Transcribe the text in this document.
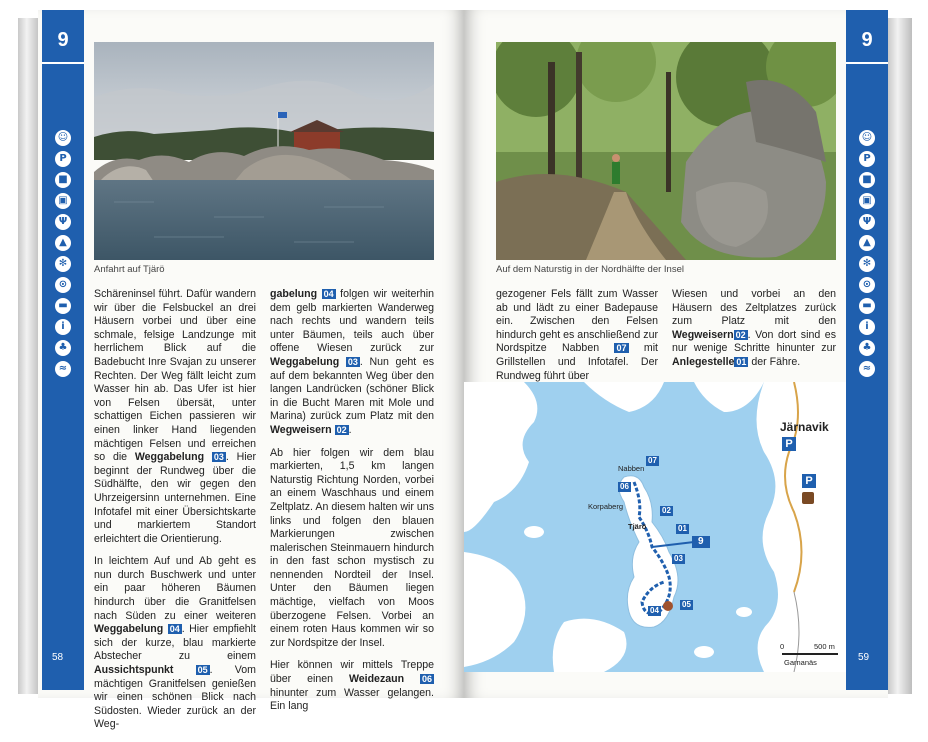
9
☺
P
■
▣
Ψ
▲
✻
⊙
▬
i
♣
≈
9
☺
P
■
▣
Ψ
▲
✻
⊙
▬
i
♣
≈
Anfahrt auf Tjärö	Auf dem Naturstig in der Nordhälfte der Insel

Schäreninsel führt. Dafür wandern wir über die Felsbuckel an drei Häusern vorbei und über eine schmale, felsige Landzunge mit herrlichem Blick auf die Badebucht Inre Svajan zu unserer Rechten. Der Weg fällt leicht zum Wasser hin ab. Das Ufer ist hier von Felsen übersät, unter schattigen Eichen passieren wir einen linker Hand liegenden mächtigen Felsen und erreichen so die Weggabelung 03 . Hier beginnt der Rundweg über die Südhälfte, den wir gegen den Uhrzeigersinn unternehmen. Eine Infotafel mit einer Übersichtskarte und markiertem Standort erleichtert die Orientierung.

In leichtem Auf und Ab geht es nun durch Buschwerk und unter ein paar höheren Bäumen hindurch über die Granitfelsen nach Süden zu einer weiteren Weggabelung 04 . Hier empfiehlt sich der kurze, blau markierte Abstecher zu einem Aussichtspunkt	05 . Vom mächtigen Granitfelsen genießen wir einen schönen Blick nach Südosten. Wieder zurück an der Weg-

gabelung 04 folgen wir weiterhin dem gelb markierten Wanderweg nach rechts und wandern teils unter Bäumen, teils auch über offene Wiesen zurück zur Weggabelung 03 . Nun geht es auf dem bekannten Weg über den langen Landrücken (schöner Blick in die Bucht Maren mit Mole und Marina) zurück zum Platz mit den Wegweisern 02 .

Ab hier folgen wir dem blau markierten, 1,5 km langen Naturstig Richtung Norden, vorbei an einem Waschhaus und einem Zeltplatz. An diesem halten wir uns links und folgen den blauen Markierungen zwischen malerischen Steinmauern hindurch in den fast schon mystisch zu nennenden Nordteil der Insel. Unter den Bäumen liegen mächtige, vielfach von Moos überzogene Felsen. Vorbei an einem roten Haus kommen wir so zur Nordspitze der Insel.

Hier können wir mittels Treppe über einen Weidezaun 06 hinunter zum Wasser gelangen. Ein lang

gezogener Fels fällt zum Wasser ab und lädt zu einer Badepause ein. Zwischen den Felsen hindurch geht es anschließend zur Nordspitze Nabben 07 mit Grillstellen und Infotafel. Der Rundweg führt über

Wiesen und vorbei an den Häusern des Zeltplatzes zurück zum Platz mit den Wegweisern 02 . Von dort sind es nur wenige Schritte hinunter zur Anlegestelle 01 der Fähre.

58	59
Järnavik
P
P
Nabben
Korpaberg
Tjärö
Garnanäs
07
06
02
01
03
04
05
9
0	500 m
